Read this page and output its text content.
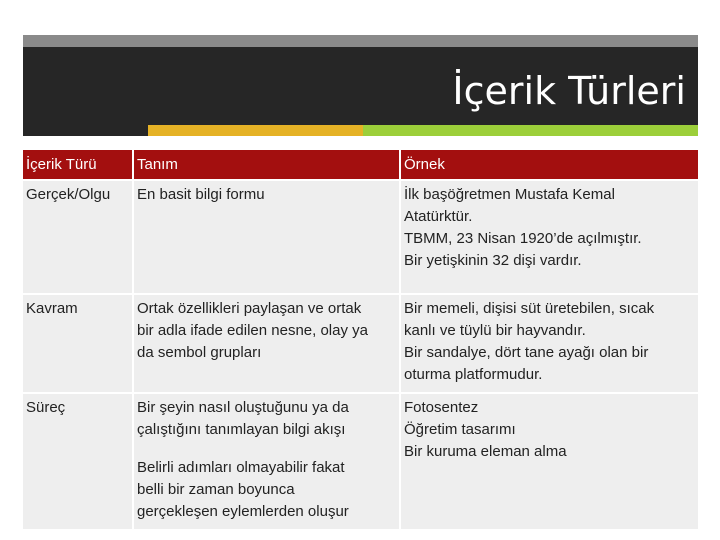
İçerik Türleri
İçerik Türü	Tanım	Örnek
Gerçek/Olgu	En basit bilgi formu	İlk başöğretmen Mustafa Kemal
Atatürktür.
TBMM, 23 Nisan 1920’de açılmıştır.
Bir yetişkinin 32 dişi vardır.

Kavram	Ortak özellikleri paylaşan ve ortak
bir adla ifade edilen nesne, olay ya
da sembol grupları	Bir memeli, dişisi süt üretebilen, sıcak
kanlı ve tüylü bir hayvandır.
Bir sandalye, dört tane ayağı olan bir
oturma platformudur.

Süreç	Bir şeyin nasıl oluştuğunu ya da
çalıştığını tanımlayan bilgi akışı
Belirli adımları olmayabilir fakat
belli bir zaman boyunca
gerçekleşen eylemlerden oluşur	Fotosentez
Öğretim tasarımı
Bir kuruma eleman alma
